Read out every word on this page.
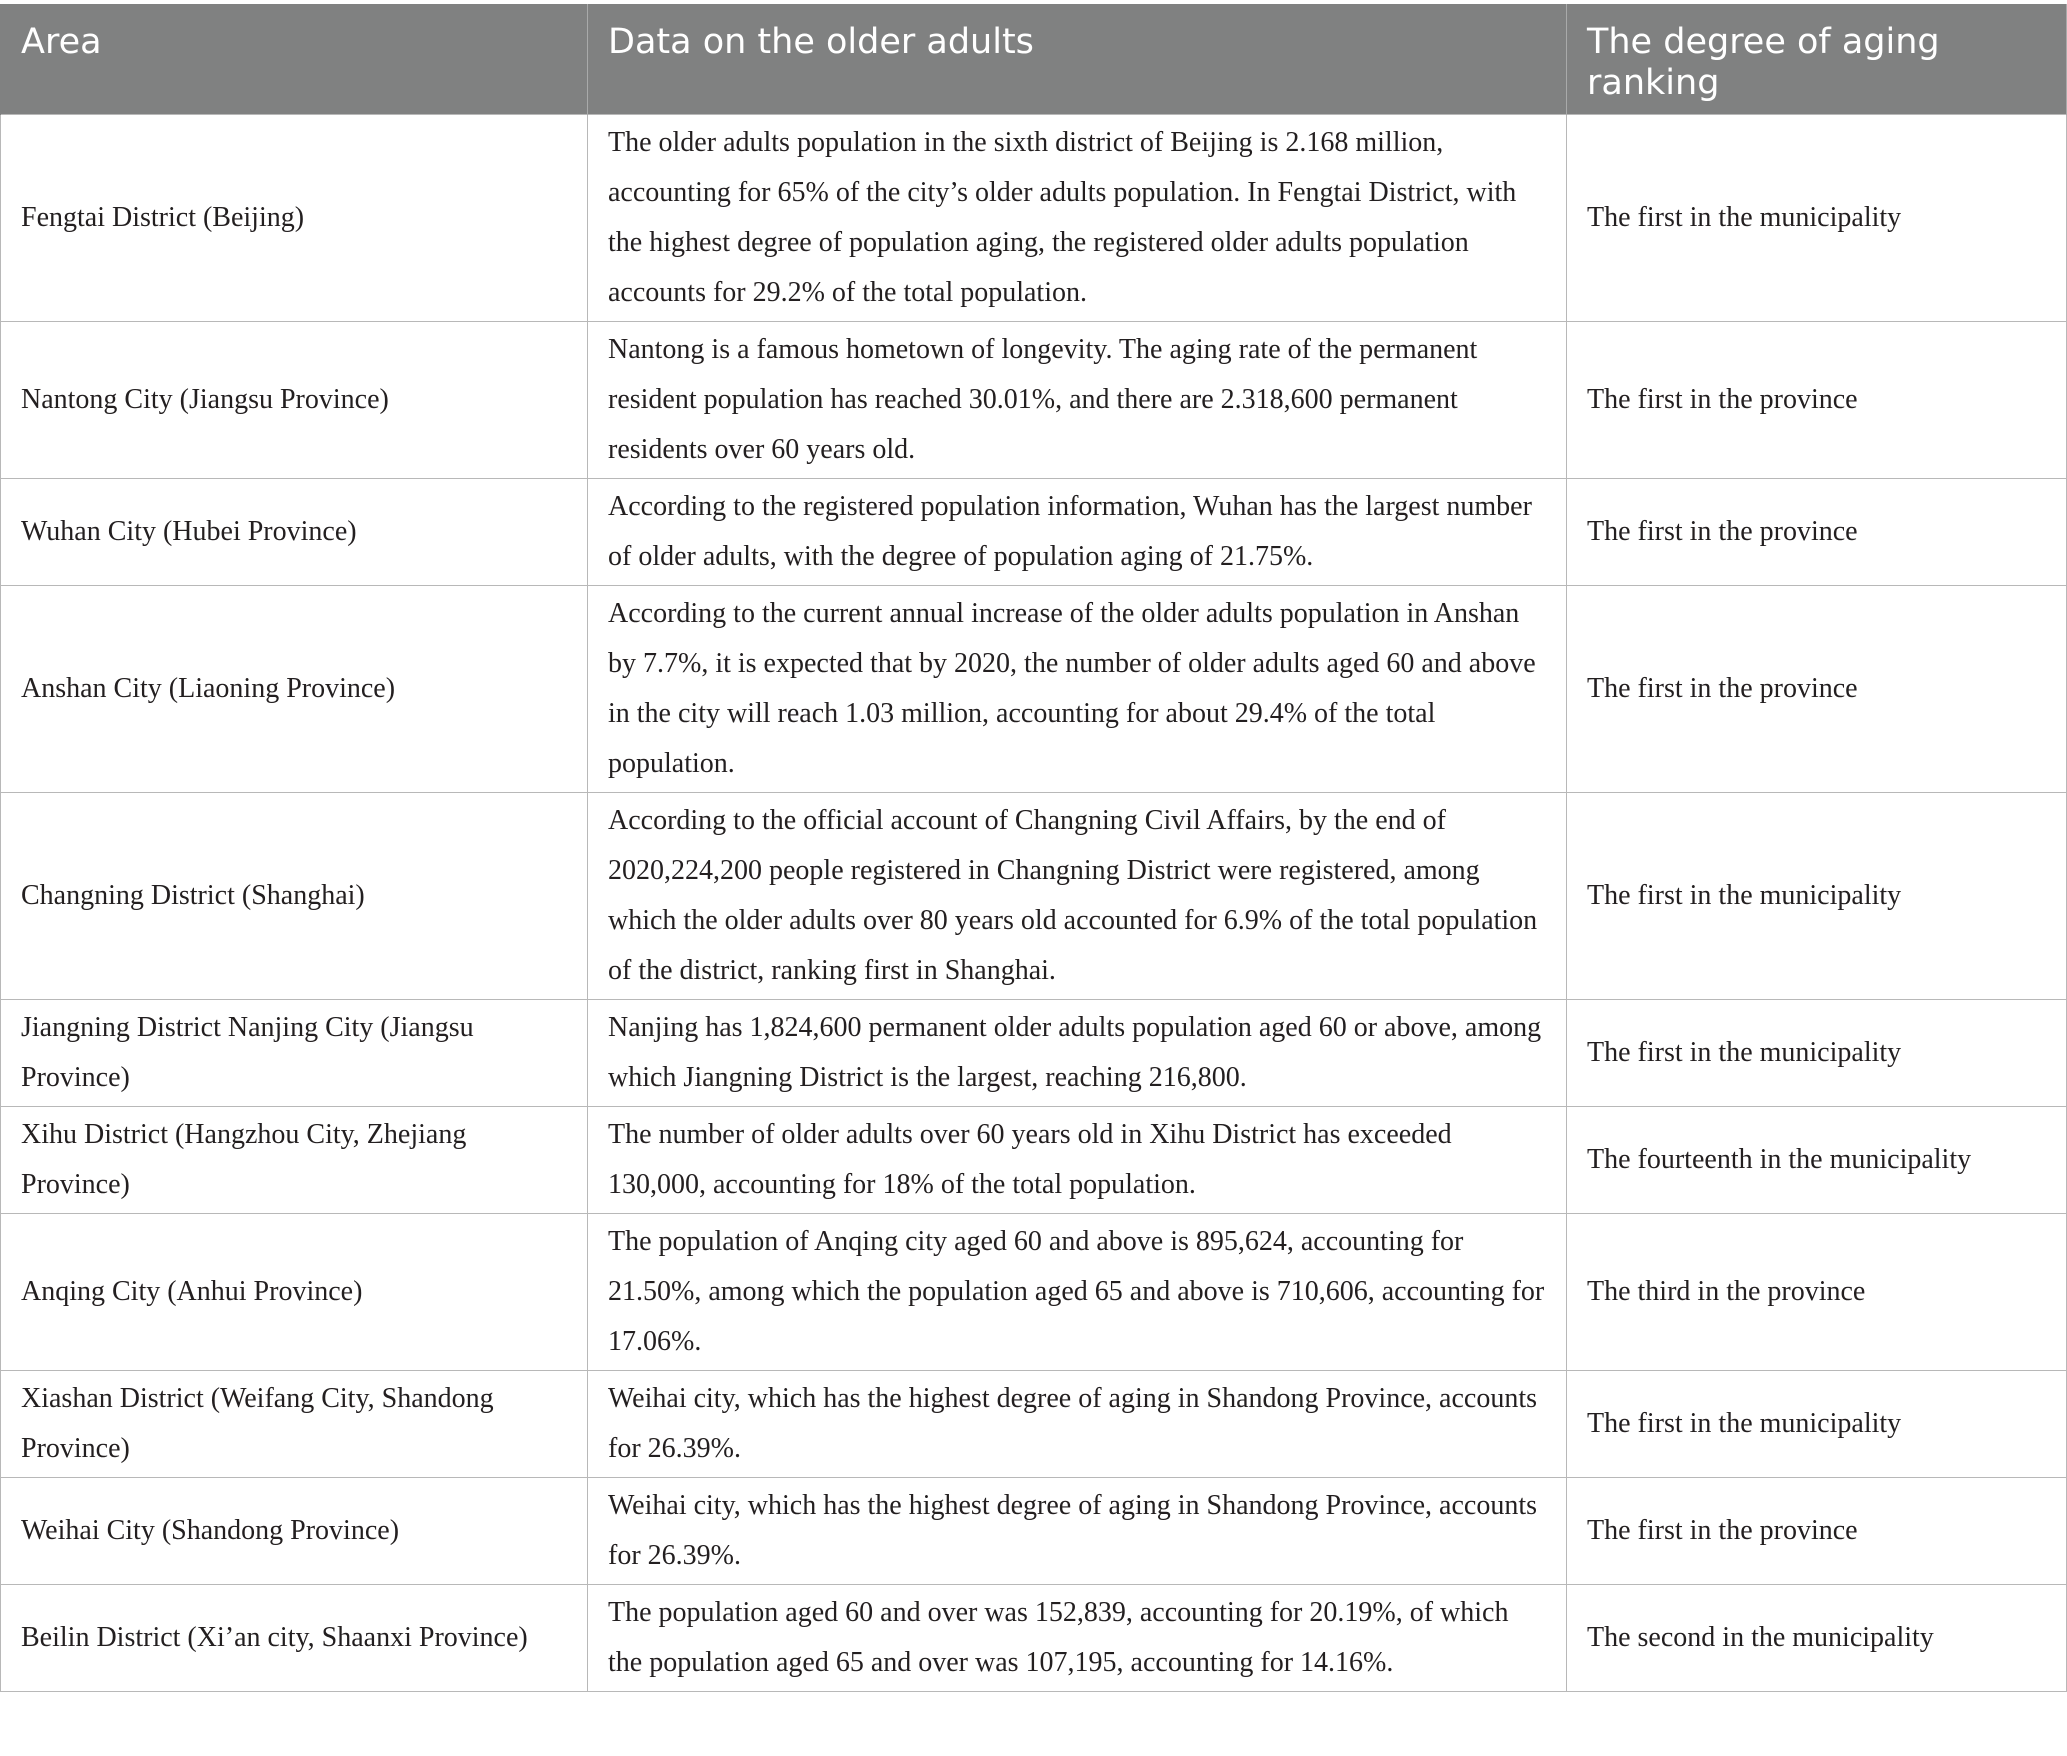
Area	Data on the older adults	The degree of aging ranking
Fengtai District (Beijing)	The older adults population in the sixth district of Beijing is 2.168 million, accounting for 65% of the city’s older adults population. In Fengtai District, with the highest degree of population aging, the registered older adults population accounts for 29.2% of the total population.	The first in the municipality
Nantong City (Jiangsu Province)	Nantong is a famous hometown of longevity. The aging rate of the permanent resident population has reached 30.01%, and there are 2.318,600 permanent residents over 60 years old.	The first in the province
Wuhan City (Hubei Province)	According to the registered population information, Wuhan has the largest number of older adults, with the degree of population aging of 21.75%.	The first in the province
Anshan City (Liaoning Province)	According to the current annual increase of the older adults population in Anshan by 7.7%, it is expected that by 2020, the number of older adults aged 60 and above in the city will reach 1.03 million, accounting for about 29.4% of the total population.	The first in the province
Changning District (Shanghai)	According to the official account of Changning Civil Affairs, by the end of 2020,224,200 people registered in Changning District were registered, among which the older adults over 80 years old accounted for 6.9% of the total population of the district, ranking first in Shanghai.	The first in the municipality
Jiangning District Nanjing City (Jiangsu Province)	Nanjing has 1,824,600 permanent older adults population aged 60 or above, among which Jiangning District is the largest, reaching 216,800.	The first in the municipality
Xihu District (Hangzhou City, Zhejiang Province)	The number of older adults over 60 years old in Xihu District has exceeded 130,000, accounting for 18% of the total population.	The fourteenth in the municipality
Anqing City (Anhui Province)	The population of Anqing city aged 60 and above is 895,624, accounting for 21.50%, among which the population aged 65 and above is 710,606, accounting for 17.06%.	The third in the province
Xiashan District (Weifang City, Shandong Province)	Weihai city, which has the highest degree of aging in Shandong Province, accounts for 26.39%.	The first in the municipality
Weihai City (Shandong Province)	Weihai city, which has the highest degree of aging in Shandong Province, accounts for 26.39%.	The first in the province
Beilin District (Xi’an city, Shaanxi Province)	The population aged 60 and over was 152,839, accounting for 20.19%, of which the population aged 65 and over was 107,195, accounting for 14.16%.	The second in the municipality
